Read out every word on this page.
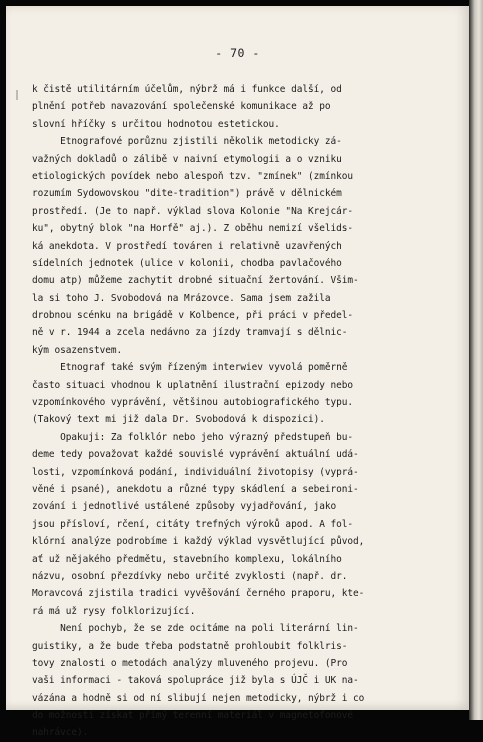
- 70 -
k čistě utilitárním účelům, nýbrž má i funkce další, od
plnění potřeb navazování společenské komunikace až po
slovní hříčky s určitou hodnotou estetickou.
Etnografové porůznu zjistili několik metodicky zá-
važných dokladů o zálibě v naivní etymologii a o vzniku
etiologických povídek nebo alespoň tzv. "zmínek" (zmínkou
rozumím Sydowovskou "dite-tradition") právě v dělnickém
prostředí. (Je to např. výklad slova Kolonie "Na Krejcár-
ku", obytný blok "na Horfě" aj.). Z oběhu nemizí všelids-
ká anekdota. V prostředí továren i relativně uzavřených
sídelních jednotek (ulice v kolonii, chodba pavlačového
domu atp) můžeme zachytit drobné situační žertování. Všim-
la si toho J. Svobodová na Mrázovce. Sama jsem zažila
drobnou scénku na brigádě v Kolbence, při práci v předel-
ně v r. 1944 a zcela nedávno za jízdy tramvají s dělnic-
kým osazenstvem.
Etnograf také svým řízeným interwiev vyvolá poměrně
často situaci vhodnou k uplatnění ilustrační epizody nebo
vzpomínkového vyprávění, většinou autobiografického typu.
(Takový text mi již dala Dr. Svobodová k dispozici).
Opakuji: Za folklór nebo jeho výrazný předstupeň bu-
deme tedy považovat každé souvislé vyprávění aktuální udá-
losti, vzpomínková podání, individuální životopisy (vyprá-
věné i psané), anekdotu a různé typy skádlení a sebeironi-
zování i jednotlivé ustálené způsoby vyjadřování, jako
jsou přísloví, rčení, citáty trefných výroků apod. A fol-
klórní analýze podrobíme i každý výklad vysvětlující původ,
ať už nějakého předmětu, stavebního komplexu, lokálního
názvu, osobní přezdívky nebo určité zvyklosti (např. dr.
Moravcová zjistila tradici vyvěšování černého praporu, kte-
rá má už rysy folklorizující.
Není pochyb, že se zde ocitáme na poli literární lin-
guistiky, a že bude třeba podstatně prohloubit folklris-
tovy znalosti o metodách analýzy mluveného projevu. (Pro
vaši informaci - taková spolupráce již byla s ÚJČ i UK na-
vázána a hodně si od ní slibují nejen metodicky, nýbrž i co
do možnosti získat přímý terenní materiál v magnetofonové
nahrávce).
